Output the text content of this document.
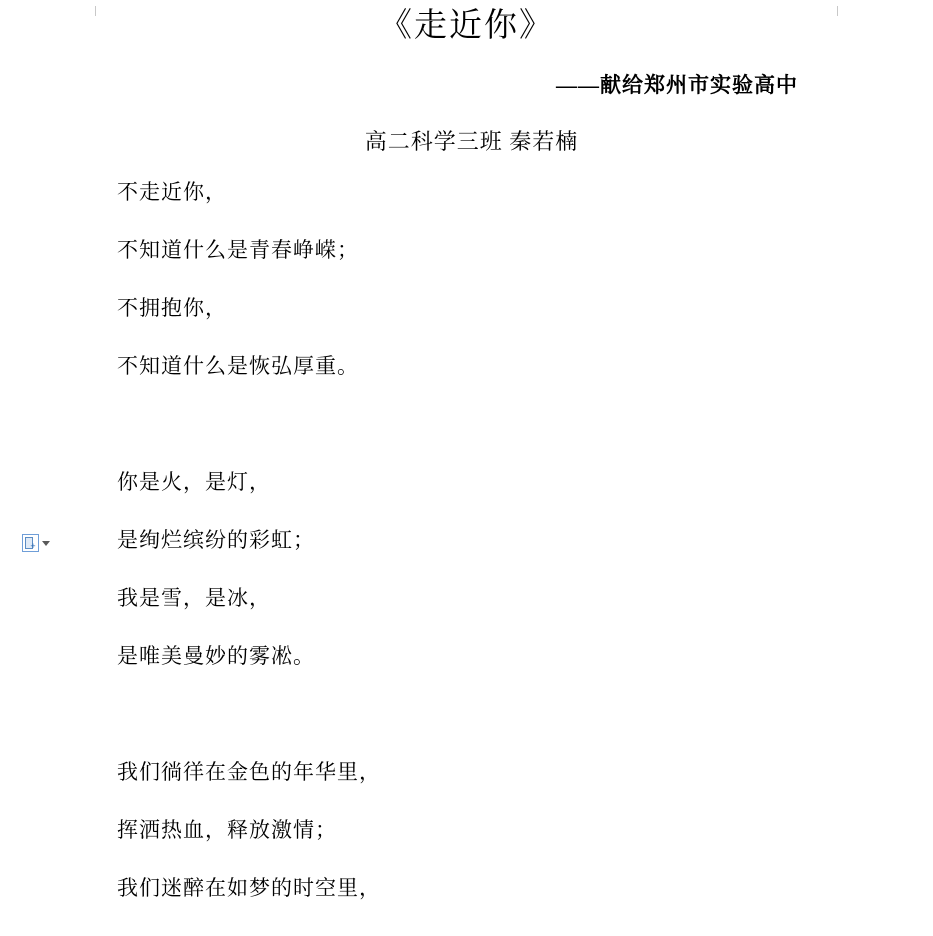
《走近你》
——献给郑州市实验高中
高二科学三班 秦若楠
不走近你，
不知道什么是青春峥嵘；
不拥抱你，
不知道什么是恢弘厚重。
你是火，是灯，
是绚烂缤纷的彩虹；
我是雪，是冰，
是唯美曼妙的雾凇。
我们徜徉在金色的年华里，
挥洒热血，释放激情；
我们迷醉在如梦的时空里，
+
